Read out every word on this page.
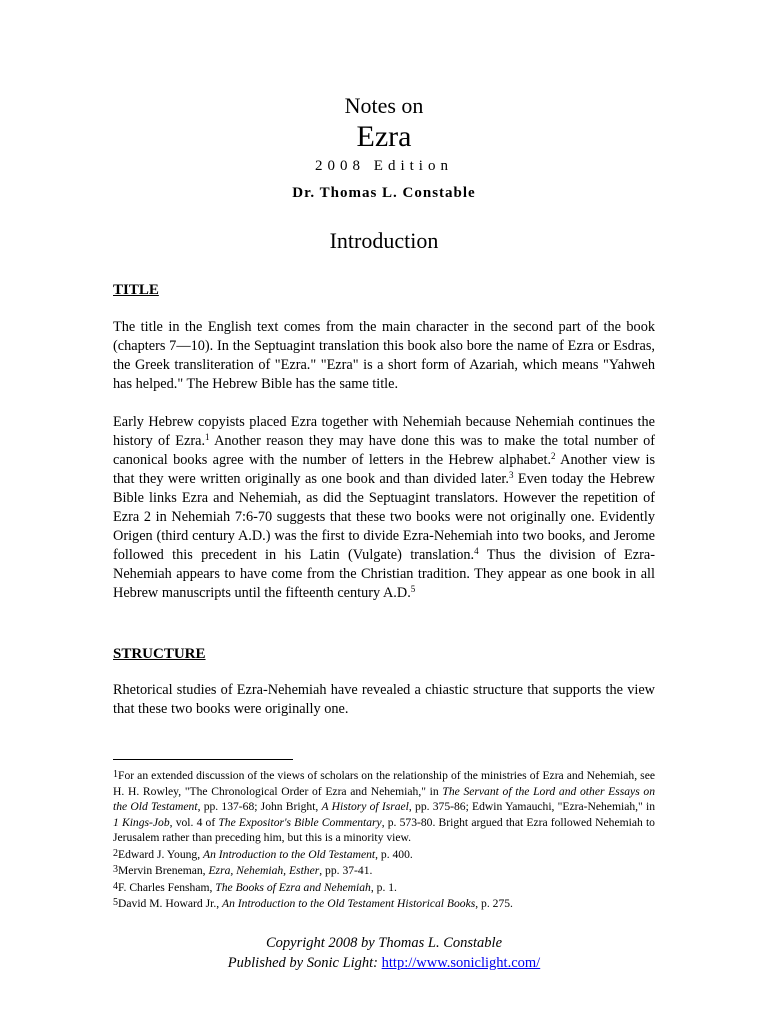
Notes on
Ezra
2008 Edition
Dr. Thomas L. Constable
Introduction
TITLE
The title in the English text comes from the main character in the second part of the book (chapters 7—10). In the Septuagint translation this book also bore the name of Ezra or Esdras, the Greek transliteration of "Ezra." "Ezra" is a short form of Azariah, which means "Yahweh has helped." The Hebrew Bible has the same title.
Early Hebrew copyists placed Ezra together with Nehemiah because Nehemiah continues the history of Ezra.$^1$ Another reason they may have done this was to make the total number of canonical books agree with the number of letters in the Hebrew alphabet.$^2$ Another view is that they were written originally as one book and than divided later.$^3$ Even today the Hebrew Bible links Ezra and Nehemiah, as did the Septuagint translators. However the repetition of Ezra 2 in Nehemiah 7:6-70 suggests that these two books were not originally one. Evidently Origen (third century A.D.) was the first to divide Ezra-Nehemiah into two books, and Jerome followed this precedent in his Latin (Vulgate) translation.$^4$ Thus the division of Ezra-Nehemiah appears to have come from the Christian tradition. They appear as one book in all Hebrew manuscripts until the fifteenth century A.D.$^5$
STRUCTURE
Rhetorical studies of Ezra-Nehemiah have revealed a chiastic structure that supports the view that these two books were originally one.

1For an extended discussion of the views of scholars on the relationship of the ministries of Ezra and Nehemiah, see H. H. Rowley, "The Chronological Order of Ezra and Nehemiah," in The Servant of the Lord and other Essays on the Old Testament, pp. 137-68; John Bright, A History of Israel, pp. 375-86; Edwin Yamauchi, "Ezra-Nehemiah," in 1 Kings-Job, vol. 4 of The Expositor's Bible Commentary, p. 573-80. Bright argued that Ezra followed Nehemiah to Jerusalem rather than preceding him, but this is a minority view.

2Edward J. Young, An Introduction to the Old Testament, p. 400.

3Mervin Breneman, Ezra, Nehemiah, Esther, pp. 37-41.

4F. Charles Fensham, The Books of Ezra and Nehemiah, p. 1.

5David M. Howard Jr., An Introduction to the Old Testament Historical Books, p. 275.

Copyright 2008 by Thomas L. Constable
Published by Sonic Light: http://www.soniclight.com/
